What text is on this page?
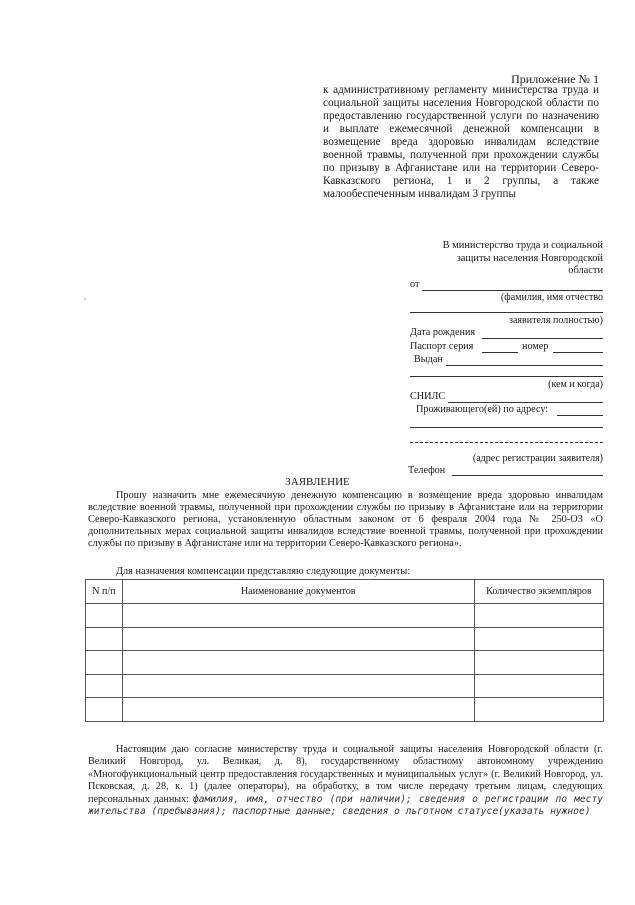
Приложение № 1
к административному регламенту министерства труда и социальной защиты населения Новгородской области по предоставлению государственной услуги по назначению и выплате ежемесячной денежной компенсации в возмещение вреда здоровью инвалидам вследствие военной травмы, полученной при прохождении службы по призыву в Афганистане или на территории Северо-Кавказского региона, 1 и 2 группы, а также малообеспеченным инвалидам 3 группы
В министерство труда и социальной
защиты населения Новгородской
области
от
(фамилия, имя отчество
заявителя полностью)
Дата рождения
Паспорт серия	номер
Выдан
(кем и когда)
СНИЛС
Проживающего(ей) по адресу:
(адрес регистрации заявителя)
Телефон
ЗАЯВЛЕНИЕ
Прошу назначить мне ежемесячную денежную компенсацию в возмещение вреда здоровью инвалидам вследствие военной травмы, полученной при прохождении службы по призыву в Афганистане или на территории Северо-Кавказского региона, установленную областным законом от 6 февраля 2004 года № 250-ОЗ «О дополнительных мерах социальной защиты инвалидов вследствие военной травмы, полученной при прохождении службы по призыву в Афганистане или на территории Северо-Кавказского региона».
Для назначения компенсации представляю следующие документы:
N п/п	Наименование документов	Количество экземпляров

Настоящим даю согласие министерству труда и социальной защиты населения Новгородской области (г. Великий Новгород, ул. Великая, д. 8), государственному областному автономному учреждению «Многофункциональный центр предоставления государственных и муниципальных услуг» (г. Великий Новгород, ул. Псковская, д. 28, к. 1) (далее операторы), на обработку, в том числе передачу третьим лицам, следующих персональных данных: фамилия, имя, отчество (при наличии); сведения о регистрации по месту жительства (пребывания); паспортные данные; сведения о льготном статусе(указать нужное)
